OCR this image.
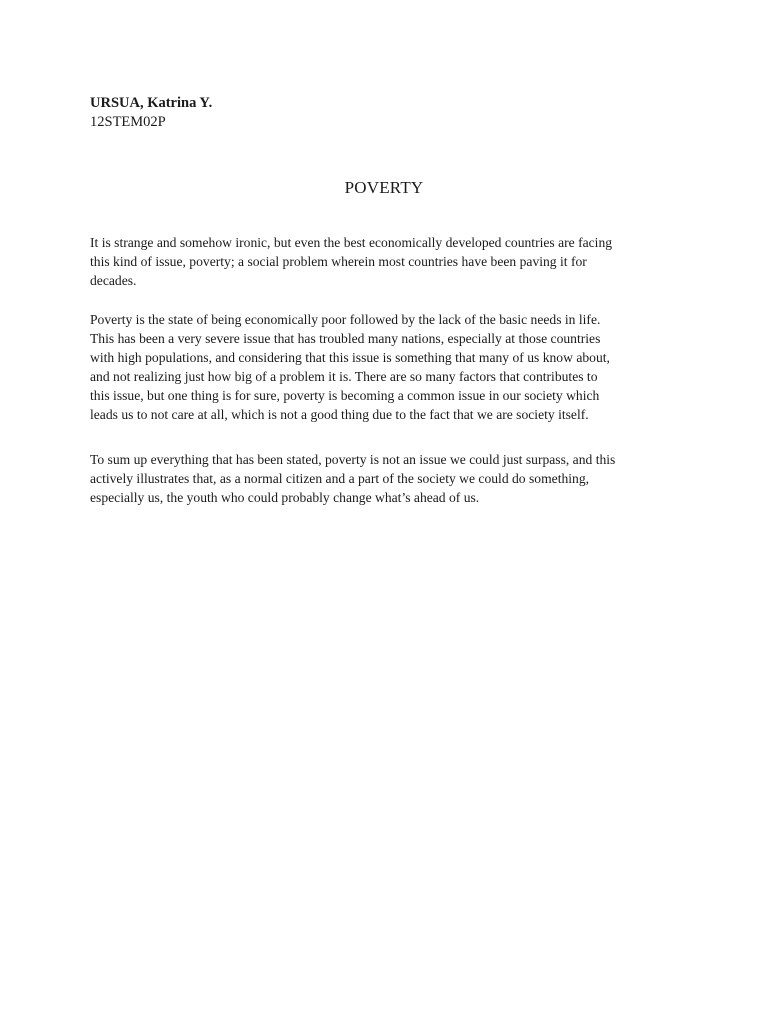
URSUA, Katrina Y.
12STEM02P
POVERTY
It is strange and somehow ironic, but even the best economically developed countries are facing
this kind of issue, poverty; a social problem wherein most countries have been paving it for
decades.
Poverty is the state of being economically poor followed by the lack of the basic needs in life.
This has been a very severe issue that has troubled many nations, especially at those countries
with high populations, and considering that this issue is something that many of us know about,
and not realizing just how big of a problem it is. There are so many factors that contributes to
this issue, but one thing is for sure, poverty is becoming a common issue in our society which
leads us to not care at all, which is not a good thing due to the fact that we are society itself.
To sum up everything that has been stated, poverty is not an issue we could just surpass, and this
actively illustrates that, as a normal citizen and a part of the society we could do something,
especially us, the youth who could probably change what’s ahead of us.
